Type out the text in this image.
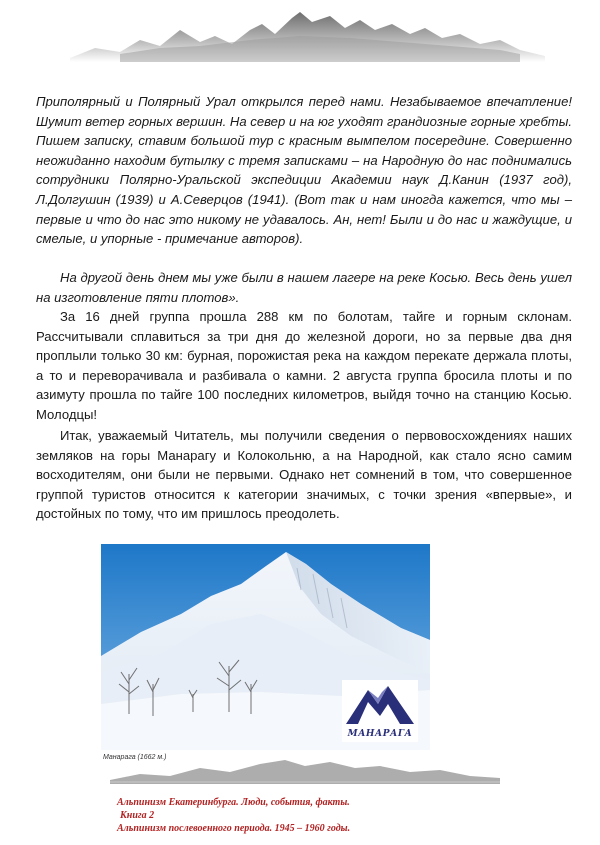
Приполярный и Полярный Урал открылся перед нами. Незабываемое впечатление! Шумит ветер горных вершин. На север и на юг уходят грандиозные горные хребты. Пишем записку, ставим большой тур с красным вымпелом посередине. Совершенно неожиданно находим бутылку с тремя записками – на Народную до нас поднимались сотрудники Полярно-Уральской экспедиции Академии наук Д.Канин (1937 год), Л.Долгушин (1939) и А.Северцов (1941). (Вот так и нам иногда кажется, что мы – первые и что до нас это никому не удавалось. Ан, нет! Были и до нас и жаждущие, и смелые, и упорные - примечание авторов).

На другой день днем мы уже были в нашем лагере на реке Косью. Весь день ушел на изготовление пяти плотов».

За 16 дней группа прошла 288 км по болотам, тайге и горным склонам. Рассчитывали сплавиться за три дня до железной дороги, но за первые два дня проплыли только 30 км: бурная, порожистая река на каждом перекате держала плоты, а то и переворачивала и разбивала о камни. 2 августа группа бросила плоты и по азимуту прошла по тайге 100 последних километров, выйдя точно на станцию Косью. Молодцы!

Итак, уважаемый Читатель, мы получили сведения о первовосхождениях наших земляков на горы Манарагу и Колокольню, а на Народной, как стало ясно самим восходителям, они были не первыми. Однако нет сомнений в том, что совершенное группой туристов относится к категории значимых, с точки зрения «впервые», и достойных по тому, что им пришлось преодолеть.

МАНАРАГА
Манарага (1662 м.)
Альпинизм Екатеринбурга. Люди, события, факты.
Книга 2
Альпинизм послевоенного периода. 1945 – 1960 годы.
